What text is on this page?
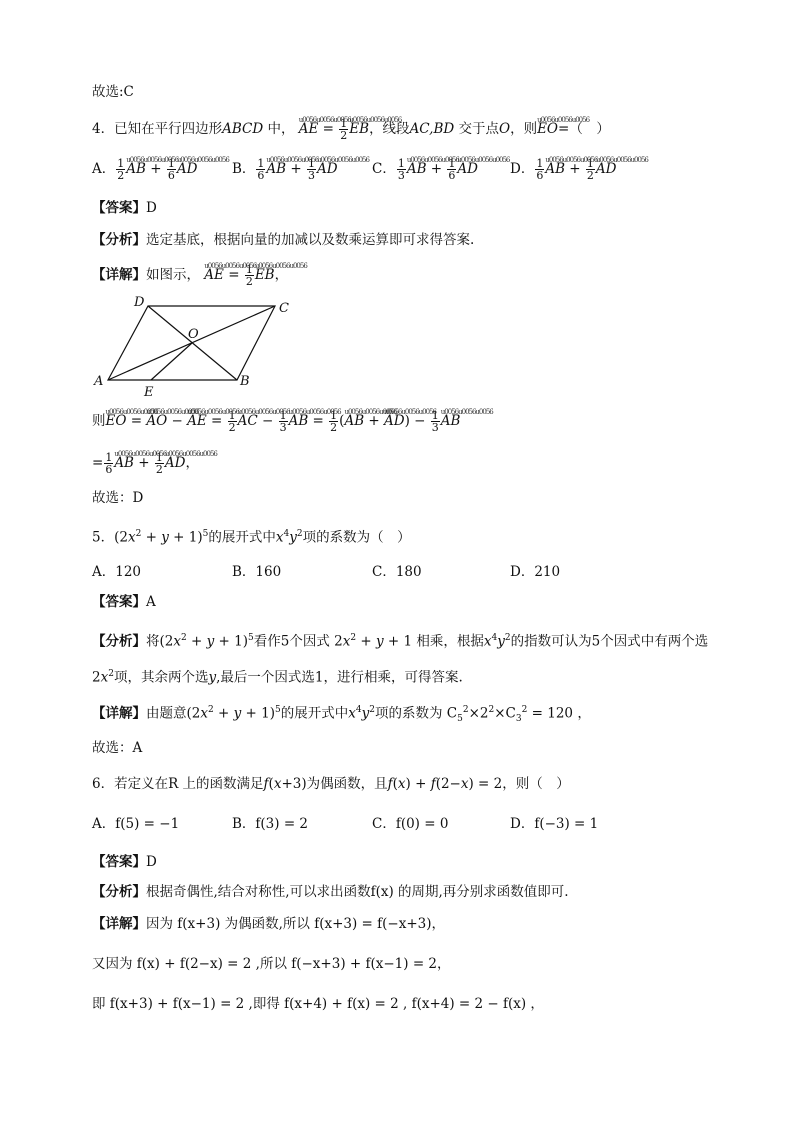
故选:C
4．已知在平行四边形ABCD 中， u0056u0056u0056 AE = $\frac{1}{2}$
u0056u0056u0056 EB，线段AC,BD 交于点O，则u0056u0056u0056 EO=（　）
A． $\frac{1}{2}$
u0056u0056u0056 AB + $\frac{1}{6}$
u0056u0056u0056 AD	B． $\frac{1}{6}$
u0056u0056u0056 AB + $\frac{1}{3}$
u0056u0056u0056 AD	C． $\frac{1}{3}$
u0056u0056u0056 AB + $\frac{1}{6}$
u0056u0056u0056 AD D． $\frac{1}{6}$
u0056u0056u0056 AB + $\frac{1}{2}$
u0056u0056u0056 AD
【答案】D
【分析】选定基底，根据向量的加减以及数乘运算即可求得答案.
【详解】如图示， u0056u0056u0056 AE = $\frac{1}{2}$
u0056u0056u0056 EB，
D	C
O
A
E
B
则u0056u0056u0056 EO = u0056u0056u0056 AO − u0056u0056u0056 AE = $\frac{1}{2}$
u0056u0056u0056 AC − $\frac{1}{3}$
u0056u0056u0056 AB = $\frac{1}{2} (u0056u0056u0056$ AB + u0056u0056u0056 $AD) - \frac{1}{3}$
u0056u0056u0056 AB
= $\frac{1}{6}$
u0056u0056u0056 AB + $\frac{1}{2}$
u0056u0056u0056 AD，
故选：D
5．$(2x^2 + y + 1)^5$的展开式中$x^4y^2$项的系数为（　）
A．120	B．160	C．180	D．210
【答案】A
【分析】将$(2x^2 + y + 1)^5$看作5个因式 $2x^2 + y + 1$ 相乘，根据$x^4y^2$的指数可认为5个因式中有两个选
$2x^2$项，其余两个选y,最后一个因式选1，进行相乘，可得答案.
【详解】由题意$(2x^2 + y + 1)^5$的展开式中$x^4y^2$项的系数为 $C_5^2\times 2^2\times C_3^2 = 120$ ，
故选：A
6．若定义在R 上的函数满足f(x+3)为偶函数，且f(x) + f(2−x) = 2，则（　）
A．f(5) = −1	B．f(3) = 2	C．f(0) = 0	D．f(−3) = 1
【答案】D
【分析】根据奇偶性,结合对称性,可以求出函数f(x) 的周期,再分别求函数值即可.
【详解】因为 f(x+3) 为偶函数,所以 f(x+3) = f(−x+3)，
又因为 f(x) + f(2−x) = 2 ,所以 f(−x+3) + f(x−1) = 2，
即 f(x+3) + f(x−1) = 2 ,即得 f(x+4) + f(x) = 2 , f(x+4) = 2 − f(x) ，
